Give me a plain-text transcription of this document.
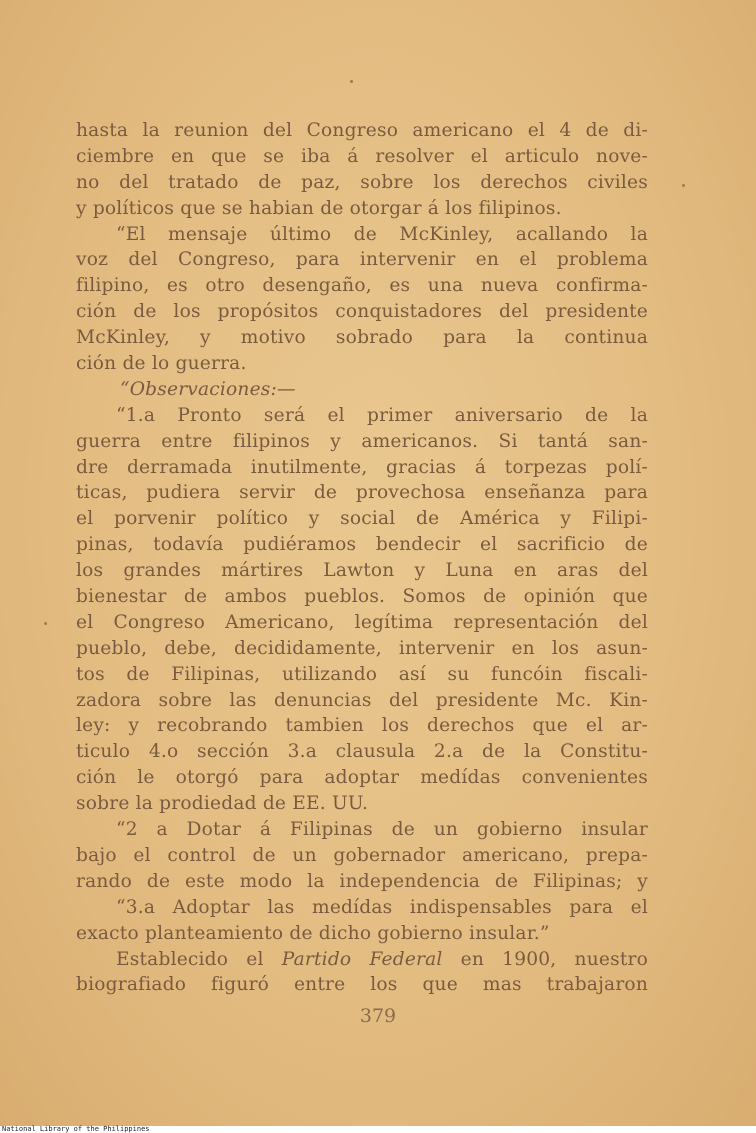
hasta la reunion del Congreso americano el 4 de di-
ciembre en que se iba á resolver el articulo nove-
no del tratado de paz, sobre los derechos civiles
y políticos que se habian de otorgar á los filipinos.
“El mensaje último de McKinley, acallando la
voz del Congreso, para intervenir en el problema
filipino, es otro desengaño, es una nueva confirma-
ción de los propósitos conquistadores del presidente
McKinley, y motivo sobrado para la continua
ción de lo guerra.
“Observaciones:—
“1.a Pronto será el primer aniversario de la
guerra entre filipinos y americanos. Si tantá san-
dre derramada inutilmente, gracias á torpezas polí-
ticas, pudiera servir de provechosa enseñanza para
el porvenir político y social de América y Filipi-
pinas, todavía pudiéramos bendecir el sacrificio de
los grandes mártires Lawton y Luna en aras del
bienestar de ambos pueblos. Somos de opinión que
el Congreso Americano, legítima representación del
pueblo, debe, decididamente, intervenir en los asun-
tos de Filipinas, utilizando así su funcóin fiscali-
zadora sobre las denuncias del presidente Mc. Kin-
ley: y recobrando tambien los derechos que el ar-
ticulo 4.o sección 3.a clausula 2.a de la Constitu-
ción le otorgó para adoptar medídas convenientes
sobre la prodiedad de EE. UU.
“2 a Dotar á Filipinas de un gobierno insular
bajo el control de un gobernador americano, prepa-
rando de este modo la independencia de Filipinas; y
“3.a Adoptar las medídas indispensables para el
exacto planteamiento de dicho gobierno insular.”
Establecido el Partido Federal en 1900, nuestro
biografiado figuró entre los que mas trabajaron
379
National Library of the Philippines
